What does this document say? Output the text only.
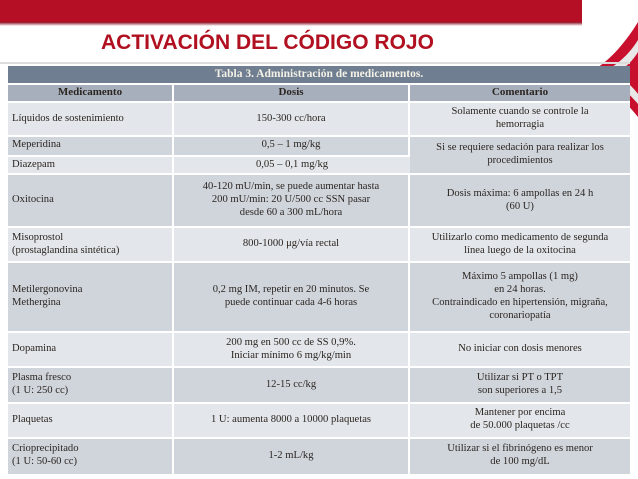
ACTIVACIÓN DEL CÓDIGO ROJO
Tabla 3. Administración de medicamentos.		
Medicamento	Dosis	Comentario

Líquidos de sostenimiento	150-300 cc/hora	Solamente cuando se controle la
hemorragia

Meperidina	0,5 – 1 mg/kg	Si se requiere sedación para realizar los
procedimientos

Diazepam	0,05 – 0,1 mg/kg	

Oxitocina	40-120 mU/min, se puede aumentar hasta
200 mU/min: 20 U/500 cc SSN pasar
desde 60 a 300 mL/hora	Dosis máxima: 6 ampollas en 24 h
(60 U)

Misoprostol
(prostaglandina sintética)	800-1000 μg/vía rectal	Utilizarlo como medicamento de segunda
línea luego de la oxitocina

Metilergonovina
Methergina	0,2 mg IM, repetir en 20 minutos. Se
puede continuar cada 4-6 horas	Máximo 5 ampollas (1 mg)
en 24 horas.
Contraindicado en hipertensión, migraña,
coronariopatía

Dopamina	200 mg en 500 cc de SS 0,9%.
Iniciar mínimo 6 mg/kg/min	No iniciar con dosis menores

Plasma fresco
(1 U: 250 cc)	12-15 cc/kg	Utilizar si PT o TPT
son superiores a 1,5

Plaquetas	1 U: aumenta 8000 a 10000 plaquetas	Mantener por encima
de 50.000 plaquetas /cc

Crioprecipitado
(1 U: 50-60 cc)	1-2 mL/kg	Utilizar si el fibrinógeno es menor
de 100 mg/dL
